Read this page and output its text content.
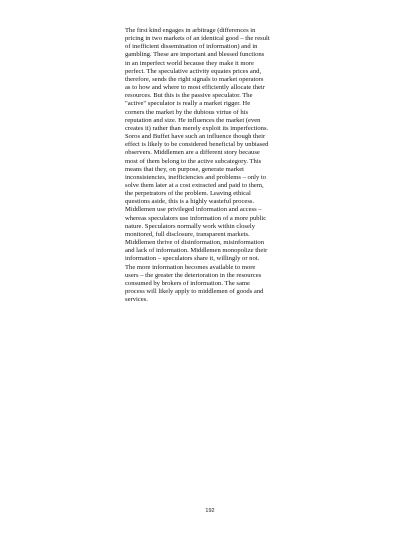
The first kind engages in arbitrage (differences in
pricing in two markets of an identical good – the result
of inefficient dissemination of information) and in
gambling. These are important and blessed functions
in an imperfect world because they make it more
perfect. The speculative activity equates prices and,
therefore, sends the right signals to market operators
as to how and where to most efficiently allocate their
resources. But this is the passive speculator. The
"active" speculator is really a market rigger. He
corners the market by the dubious virtue of his
reputation and size. He influences the market (even
creates it) rather than merely exploit its imperfections.
Soros and Buffet have such an influence though their
effect is likely to be considered beneficial by unbiased
observers. Middlemen are a different story because
most of them belong to the active subcategory. This
means that they, on purpose, generate market
inconsistencies, inefficiencies and problems – only to
solve them later at a cost extracted and paid to them,
the perpetrators of the problem. Leaving ethical
questions aside, this is a highly wasteful process.
Middlemen use privileged information and access –
whereas speculators use information of a more public
nature. Speculators normally work within closely
monitored, full disclosure, transparent markets.
Middlemen thrive of disinformation, misinformation
and lack of information. Middlemen monopolize their
information – speculators share it, willingly or not.
The more information becomes available to more
users – the greater the deterioration in the resources
consumed by brokers of information. The same
process will likely apply to middlemen of goods and
services.

192
